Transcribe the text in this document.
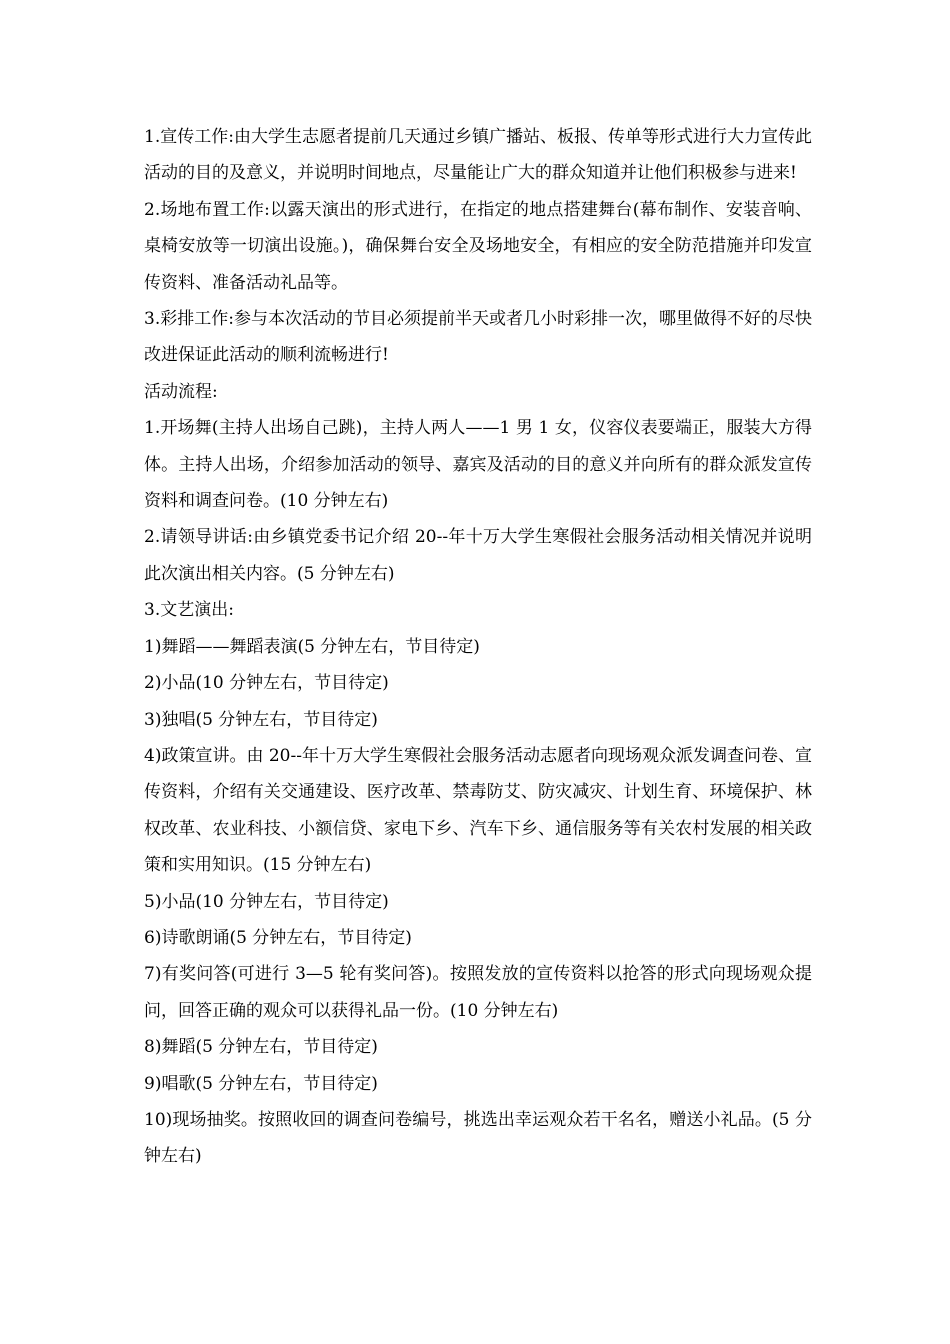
1.宣传工作:由大学生志愿者提前几天通过乡镇广播站、板报、传单等形式进行大力宣传此活动的目的及意义，并说明时间地点，尽量能让广大的群众知道并让他们积极参与进来!

2.场地布置工作:以露天演出的形式进行，在指定的地点搭建舞台(幕布制作、安装音响、桌椅安放等一切演出设施。)，确保舞台安全及场地安全，有相应的安全防范措施并印发宣传资料、准备活动礼品等。

3.彩排工作:参与本次活动的节目必须提前半天或者几小时彩排一次，哪里做得不好的尽快改进保证此活动的顺利流畅进行!

活动流程:

1.开场舞(主持人出场自己跳)，主持人两人——1 男 1 女，仪容仪表要端正，服装大方得体。主持人出场，介绍参加活动的领导、嘉宾及活动的目的意义并向所有的群众派发宣传资料和调查问卷。(10 分钟左右)

2.请领导讲话:由乡镇党委书记介绍 20--年十万大学生寒假社会服务活动相关情况并说明此次演出相关内容。(5 分钟左右)

3.文艺演出:

1)舞蹈——舞蹈表演(5 分钟左右，节目待定)

2)小品(10 分钟左右，节目待定)

3)独唱(5 分钟左右，节目待定)

4)政策宣讲。由 20--年十万大学生寒假社会服务活动志愿者向现场观众派发调查问卷、宣传资料，介绍有关交通建设、医疗改革、禁毒防艾、防灾减灾、计划生育、环境保护、林权改革、农业科技、小额信贷、家电下乡、汽车下乡、通信服务等有关农村发展的相关政策和实用知识。(15 分钟左右)

5)小品(10 分钟左右，节目待定)

6)诗歌朗诵(5 分钟左右，节目待定)

7)有奖问答(可进行 3—5 轮有奖问答)。按照发放的宣传资料以抢答的形式向现场观众提问，回答正确的观众可以获得礼品一份。(10 分钟左右)

8)舞蹈(5 分钟左右，节目待定)

9)唱歌(5 分钟左右，节目待定)

10)现场抽奖。按照收回的调查问卷编号，挑选出幸运观众若干名名，赠送小礼品。(5 分钟左右)
